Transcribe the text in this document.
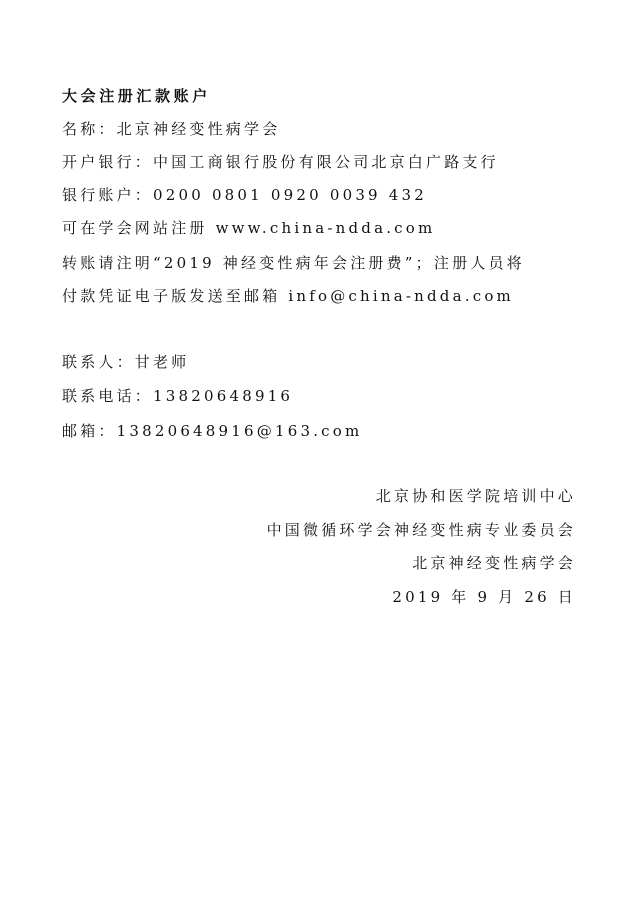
大会注册汇款账户
名称：北京神经变性病学会
开户银行：中国工商银行股份有限公司北京白广路支行
银行账户：0200 0801 0920 0039 432
可在学会网站注册 www.china-ndda.com
转账请注明“2019 神经变性病年会注册费”；注册人员将
付款凭证电子版发送至邮箱 info@china-ndda.com
联系人：甘老师
联系电话：13820648916
邮箱：13820648916@163.com
北京协和医学院培训中心
中国微循环学会神经变性病专业委员会
北京神经变性病学会
2019 年 9 月 26 日
